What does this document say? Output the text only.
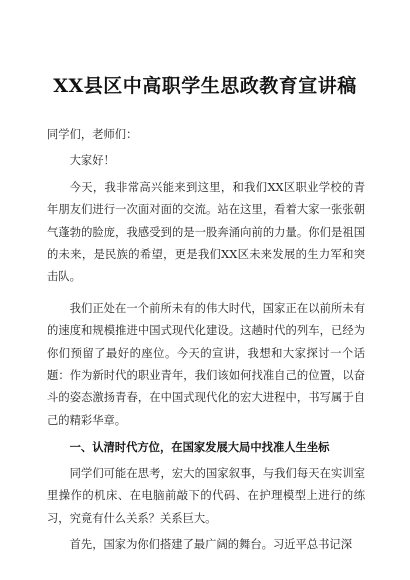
XX县区中高职学生思政教育宣讲稿

同学们，老师们：

大家好！

今天，我非常高兴能来到这里，和我们XX区职业学校的青年朋友们进行一次面对面的交流。站在这里，看着大家一张张朝气蓬勃的脸庞，我感受到的是一股奔涌向前的力量。你们是祖国的未来，是民族的希望，更是我们XX区未来发展的生力军和突击队。

我们正处在一个前所未有的伟大时代，国家正在以前所未有的速度和规模推进中国式现代化建设。这趟时代的列车，已经为你们预留了最好的座位。今天的宣讲，我想和大家探讨一个话题：作为新时代的职业青年，我们该如何找准自己的位置，以奋斗的姿态激扬青春，在中国式现代化的宏大进程中，书写属于自己的精彩华章。

一、认清时代方位，在国家发展大局中找准人生坐标

同学们可能在思考，宏大的国家叙事，与我们每天在实训室里操作的机床、在电脑前敲下的代码、在护理模型上进行的练习，究竟有什么关系？关系巨大。

首先，国家为你们搭建了最广阔的舞台。习近平总书记深
